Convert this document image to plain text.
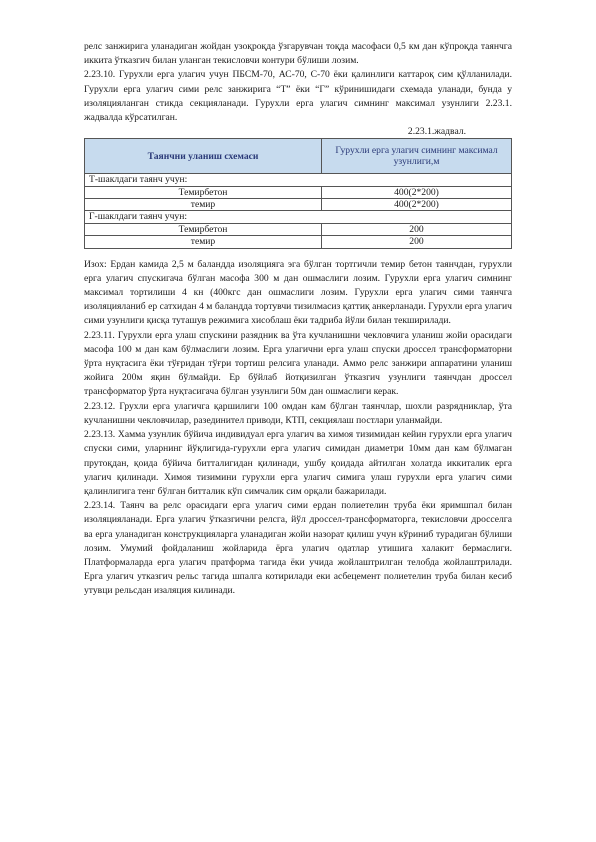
релс занжирига уланадиган жойдан узоқроқда ўзгарувчан тоқда масофаси 0,5 км дан кўпроқда таянчга иккита ўтказгич билан уланган текисловчи контури бўлиши лозим.

2.23.10. Гурухли ерга улагич учун ПБСМ-70, АС-70, С-70 ёки қалинлиги каттароқ сим қўлланилади. Гурухли ерга улагич сими релс занжирига “Т” ёки “Г” кўринишидаги схемада уланади, бунда у изоляцияланган стикда секцияланади. Гурухли ерга улагич симнинг максимал узунлиги 2.23.1. жадвалда кўрсатилган.

2.23.1.жадвал.

Таянчни уланиш схемаси	Гурухли ерга улагич симнинг максимал узунлиги,м
Т-шаклдаги таянч учун:	
Темирбетон	400(2*200)
темир	400(2*200)
Г-шаклдаги таянч учун:	
Темирбетон	200
темир	200

Изох: Ердан камида 2,5 м баландда изоляцияга эга бўлган тортгичли темир бетон таянчдан, гурухли ерга улагич спускигача бўлган масофа 300 м дан ошмаслиги лозим. Гурухли ерга улагич симнинг максимал тортилиши 4 кн (400кгс дан ошмаслиги лозим. Гурухли ерга улагич сими таянчга изоляцияланиб ер сатхидан 4 м баландда тортувчи тизилмасиз қаттиқ анкерланади. Гурухли ерга улагич сими узунлиги қисқа туташув режимига хисоблаш ёки тадриба йўли билан текширилади.

2.23.11. Гурухли ерга улаш спускини разядник ва ўта кучланишни чекловчига уланиш жойи орасидаги масофа 100 м дан кам бўлмаслиги лозим. Ерга улагични ерга улаш спуски дроссел трансформаторни ўрта нуқтасига ёки тўғридан тўғри тортиш релсига уланади. Аммо релс занжири аппаратини уланиш жойига 200м яқин бўлмайди. Ер бўйлаб йотқизилган ўтказгич узунлиги таянчдан дроссел трансформатор ўрта нуқтасигача бўлган узунлиги 50м дан ошмаслиги керак.

2.23.12. Грухли ерга улагичга қаршилиги 100 омдан кам бўлган таянчлар, шохли разрядниклар, ўта кучланишни чекловчилар, разединител приводи, КТП, секциялаш постлари уланмайди.

2.23.13. Хамма узунлик бўйича индивидуал ерга улагич ва химоя тизимидан кейин гурухли ерга улагич спуски сими, уларнинг йўқлигида-гурухли ерга улагич симидан диаметри 10мм дан кам бўлмаган прутоқдан, қоида бўйича битталигидан қилинади, ушбу қоидада айтилган холатда иккиталик ерга улагич қилинади. Химоя тизимини гурухли ерга улагич симига улаш гурухли ерга улагич сими қалинлигига тенг бўлган битталик кўп симчалик сим орқали бажарилади.

2.23.14. Таянч ва релс орасидаги ерга улагич сими ердан полиетелин труба ёки яримшпал билан изоляцияланади. Ерга улагич ўтказгични релсга, йўл дроссел-трансформаторга, текисловчи дросселга ва ерга уланадиган конструкцияларга уланадиган жойи назорат қилиш учун кўриниб турадиган бўлиши лозим. Умумий фойдаланиш жойларида ёрга улагич одатлар утишига халакит бермаслиги. Платформаларда ерга улагич пратформа тагида ёки учида жойлаштрилган телобда жойлаштрилади. Ерга улагич утказгич рельс тагида шпалга котирилади еки асбецемент полиетелин труба билан кесиб утувци рельсдан изаляция килинади.
